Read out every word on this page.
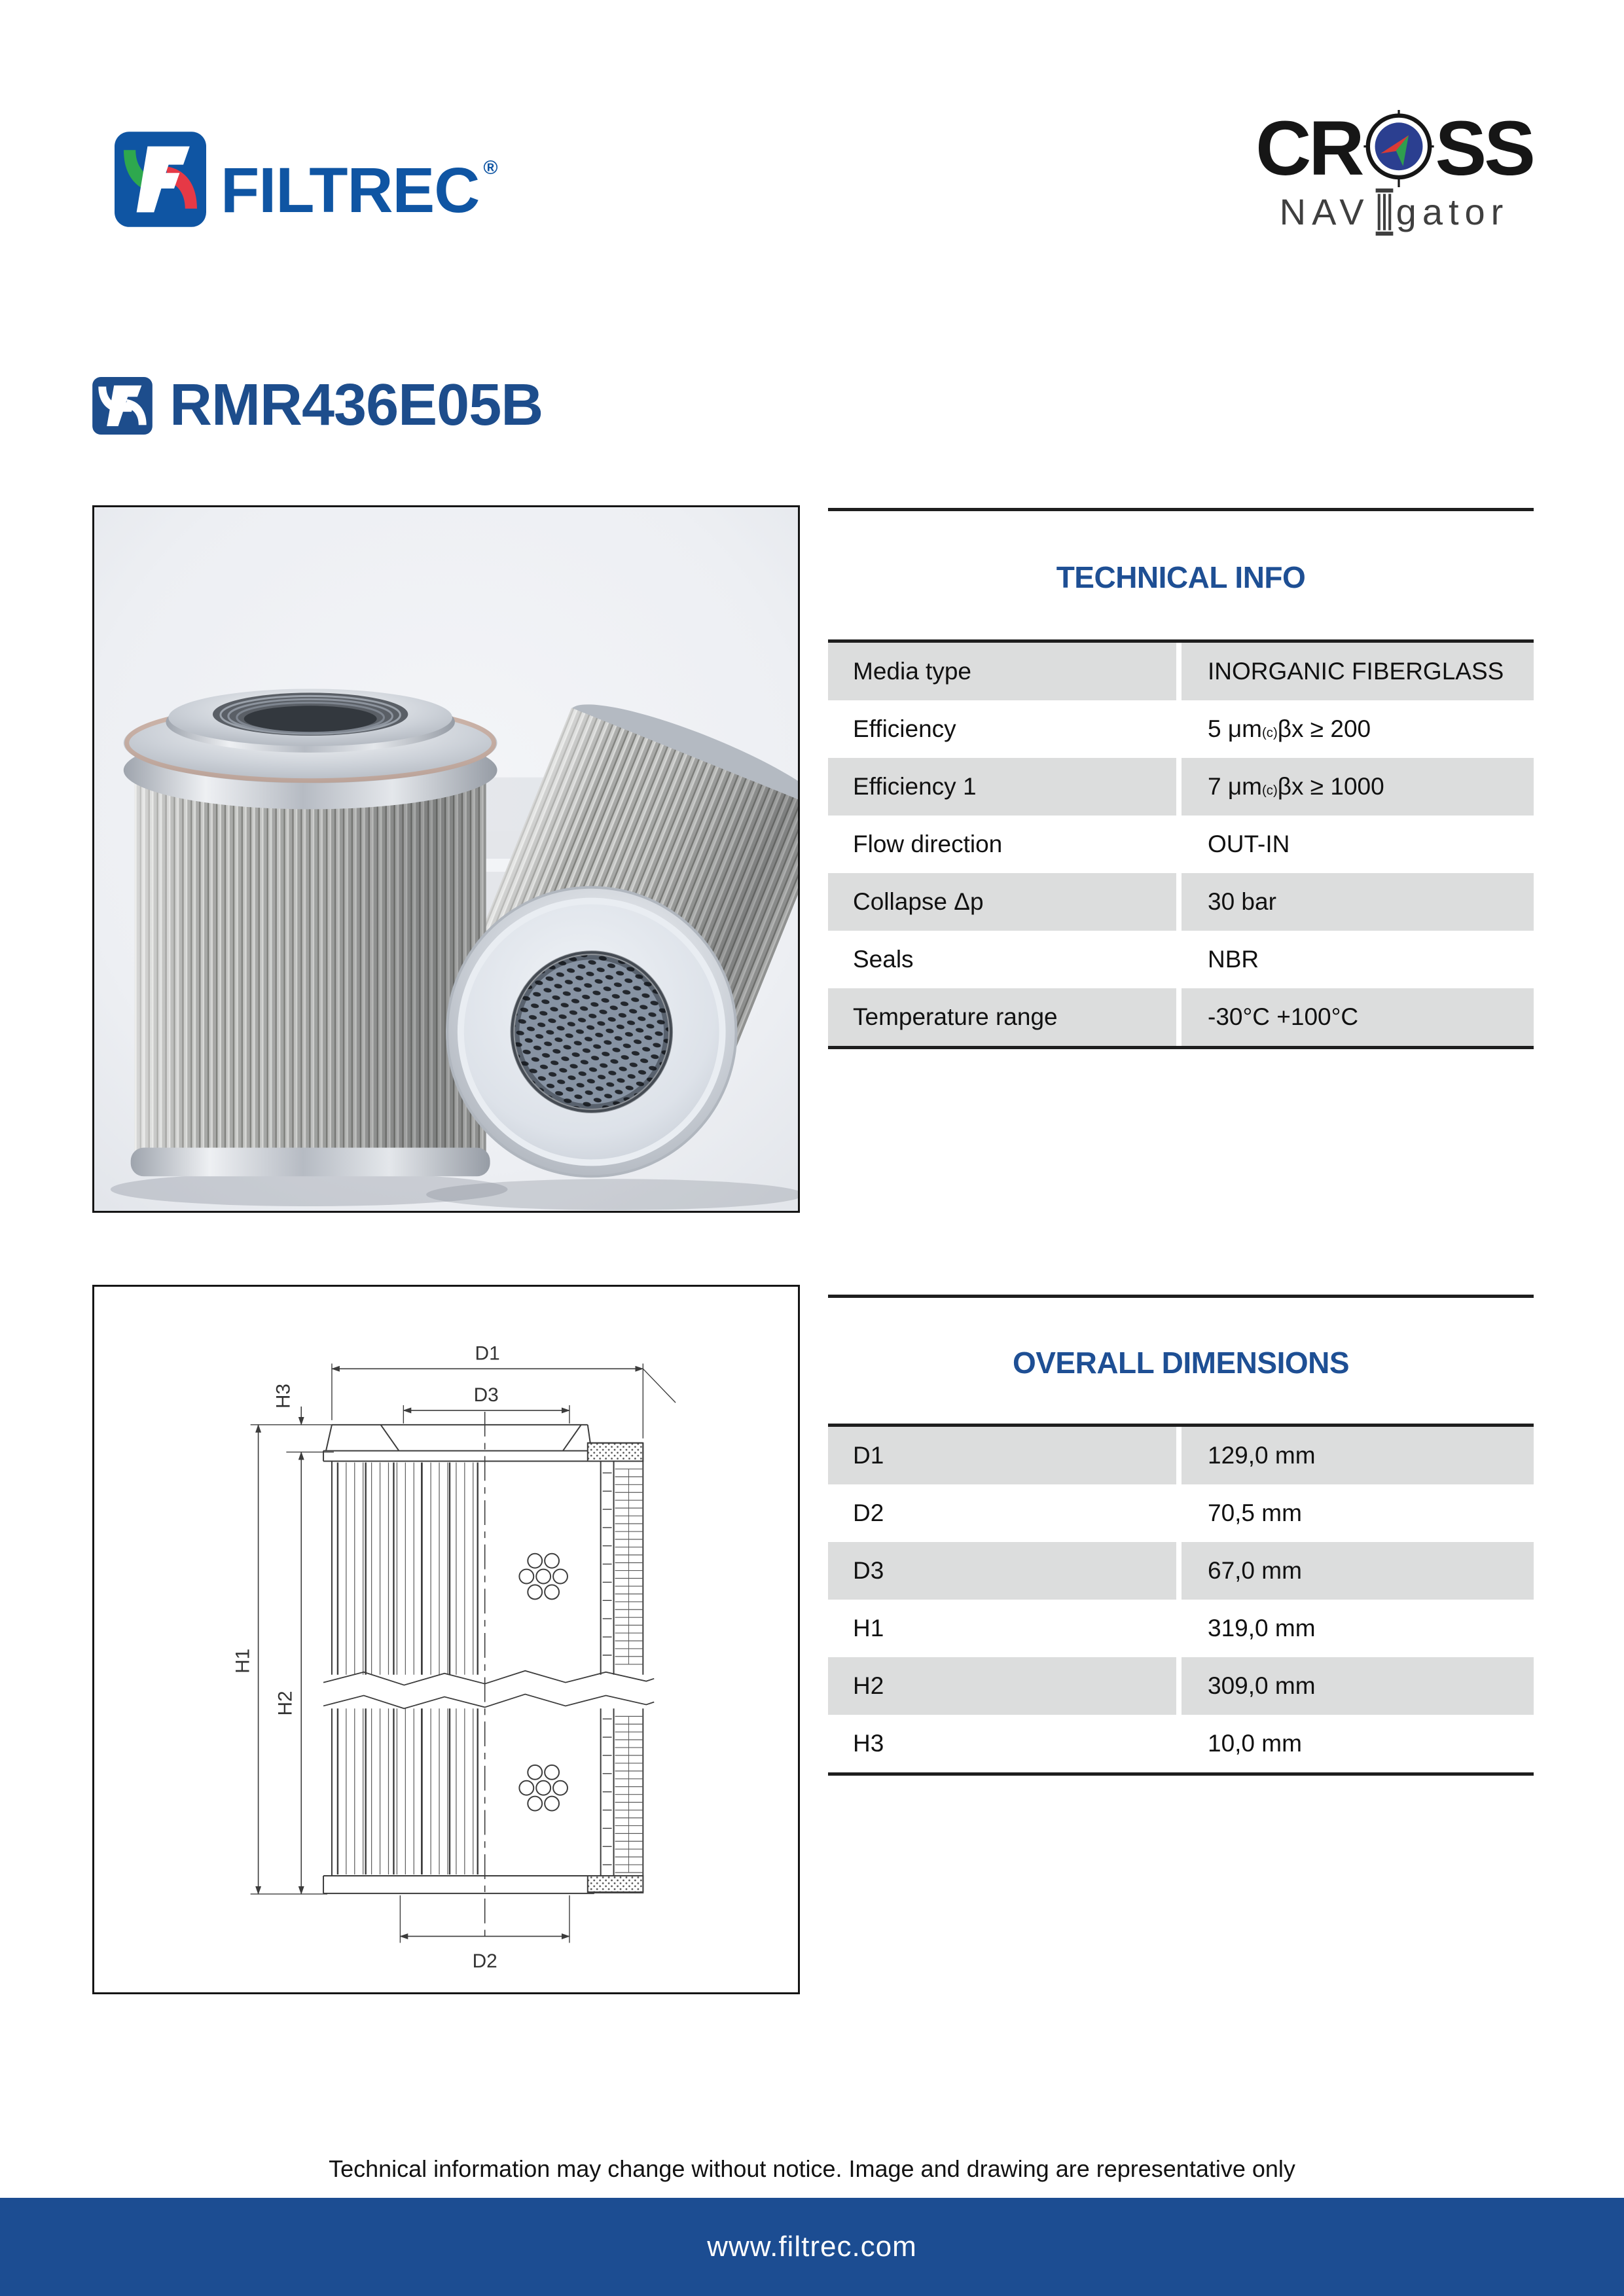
FILTREC ®	CR SS
NAV gator
RMR436E05B
TECHNICAL INFO
Media type	INORGANIC FIBERGLASS
Efficiency	5 μm (c) βx ≥ 200
Efficiency 1	7 μm (c) βx ≥ 1000
Flow direction	OUT-IN
Collapse Δp	30 bar
Seals	NBR
Temperature range	-30°C +100°C
D1
D3
H3
H1
H2
D2
OVERALL DIMENSIONS
D1	129,0 mm
D2	70,5 mm
D3	67,0 mm
H1	319,0 mm
H2	309,0 mm
H3	10,0 mm
Technical information may change without notice. Image and drawing are representative only
www.filtrec.com
